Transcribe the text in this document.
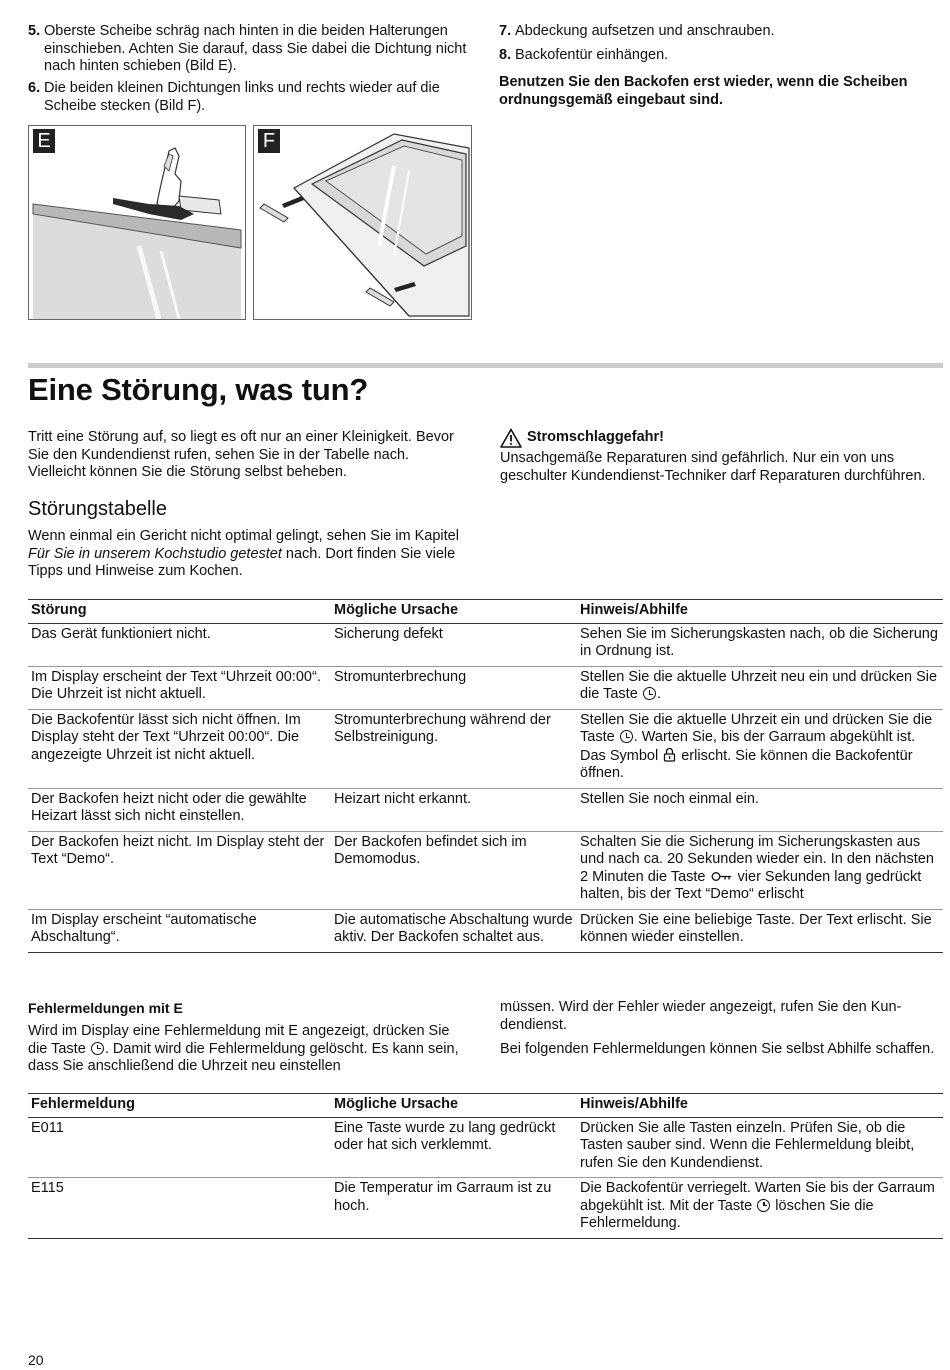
5. Oberste Scheibe schräg nach hinten in die beiden Halterungen einschieben. Achten Sie darauf, dass Sie dabei die Dichtung nicht nach hinten schieben (Bild E).
6. Die beiden kleinen Dichtungen links und rechts wieder auf die Scheibe stecken (Bild F).
7. Abdeckung aufsetzen und anschrauben.
8. Backofentür einhängen.
Benutzen Sie den Backofen erst wieder, wenn die Scheiben ordnungsgemäß eingebaut sind.
E	F
Eine Störung, was tun?

Tritt eine Störung auf, so liegt es oft nur an einer Kleinigkeit. Bevor Sie den Kundendienst rufen, sehen Sie in der Tabelle nach. Vielleicht können Sie die Störung selbst beheben.

Störungstabelle

Wenn einmal ein Gericht nicht optimal gelingt, sehen Sie im Kapitel Für Sie in unserem Kochstudio getestet nach. Dort finden Sie viele Tipps und Hinweise zum Kochen.

Stromschlaggefahr!

Unsachgemäße Reparaturen sind gefährlich. Nur ein von uns geschulter Kundendienst-Techniker darf Reparaturen durchführen.

Störung	Mögliche Ursache	Hinweis/Abhilfe
Das Gerät funktioniert nicht.	Sicherung defekt	Sehen Sie im Sicherungskasten nach, ob die Sicherung in Ordnung ist.
Im Display erscheint der Text “Uhrzeit 00:00“. Die Uhrzeit ist nicht aktuell.	Stromunterbrechung	Stellen Sie die aktuelle Uhrzeit neu ein und drücken Sie die Taste .
Die Backofentür lässt sich nicht öffnen. Im Display steht der Text “Uhrzeit 00:00“. Die angezeigte Uhrzeit ist nicht aktuell.	Stromunterbrechung während der Selbstreinigung.	Stellen Sie die aktuelle Uhrzeit ein und drücken Sie die Taste . Warten Sie, bis der Garraum abgekühlt ist. Das Symbol  erlischt. Sie können die Backofentür öffnen.
Der Backofen heizt nicht oder die gewählte Heizart lässt sich nicht einstellen.	Heizart nicht erkannt.	Stellen Sie noch einmal ein.
Der Backofen heizt nicht. Im Display steht der Text “Demo“.	Der Backofen befindet sich im Demomodus.	Schalten Sie die Sicherung im Sicherungskasten aus und nach ca. 20 Sekunden wieder ein. In den nächsten 2 Minuten die Taste  vier Sekunden lang gedrückt halten, bis der Text “Demo“ erlischt
Im Display erscheint “automatische Abschaltung“.	Die automatische Abschaltung wurde aktiv. Der Backofen schaltet aus.	Drücken Sie eine beliebige Taste. Der Text erlischt. Sie können wieder einstellen.
Fehlermeldungen mit E

Wird im Display eine Fehlermeldung mit E angezeigt, drücken Sie die Taste . Damit wird die Fehlermeldung gelöscht. Es kann sein, dass Sie anschließend die Uhrzeit neu einstellen

müssen. Wird der Fehler wieder angezeigt, rufen Sie den Kundendienst.

Bei folgenden Fehlermeldungen können Sie selbst Abhilfe schaffen.

Fehlermeldung	Mögliche Ursache	Hinweis/Abhilfe
E011	Eine Taste wurde zu lang gedrückt oder hat sich verklemmt.	Drücken Sie alle Tasten einzeln. Prüfen Sie, ob die Tasten sauber sind. Wenn die Fehlermeldung bleibt, rufen Sie den Kundendienst.
E115	Die Temperatur im Garraum ist zu hoch.	Die Backofentür verriegelt. Warten Sie bis der Garraum abgekühlt ist. Mit der Taste  löschen Sie die Fehlermeldung.
20
